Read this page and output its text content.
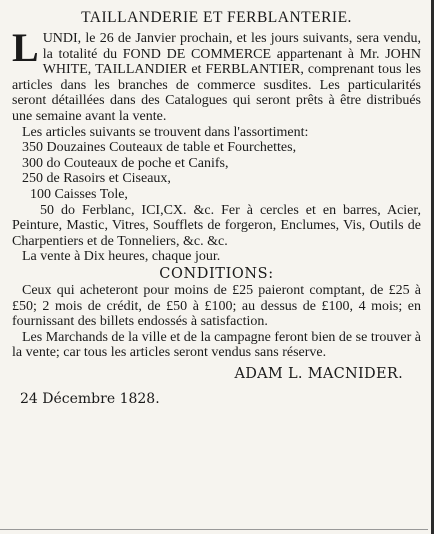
TAILLANDERIE ET FERBLANTERIE.

LUNDI, le 26 de Janvier prochain, et les jours suivants, sera vendu, la totalité du FOND DE COMMERCE appartenant à Mr. JOHN WHITE, TAILLANDIER et FERBLANTIER, comprenant tous les articles dans les branches de commerce susdites. Les particularités seront détaillées dans des Catalogues qui seront prêts à être distribués une semaine avant la vente.

Les articles suivants se trouvent dans l'assortiment:

350 Douzaines Couteaux de table et Fourchettes,

300 do Couteaux de poche et Canifs,

250 de Rasoirs et Ciseaux,

100 Caisses Tole,

50 do Ferblanc, ICI,CX. &c. Fer à cercles et en barres, Acier, Peinture, Mastic, Vitres, Soufflets de forgeron, Enclumes, Vis, Outils de Charpentiers et de Tonneliers, &c. &c.

La vente à Dix heures, chaque jour.

CONDITIONS:

Ceux qui acheteront pour moins de £25 paieront comptant, de £25 à £50; 2 mois de crédit, de £50 à £100; au dessus de £100, 4 mois; en fournissant des billets endossés à satisfaction.

Les Marchands de la ville et de la campagne feront bien de se trouver à la vente; car tous les articles seront vendus sans réserve.

ADAM L. MACNIDER.
24 Décembre 1828.
